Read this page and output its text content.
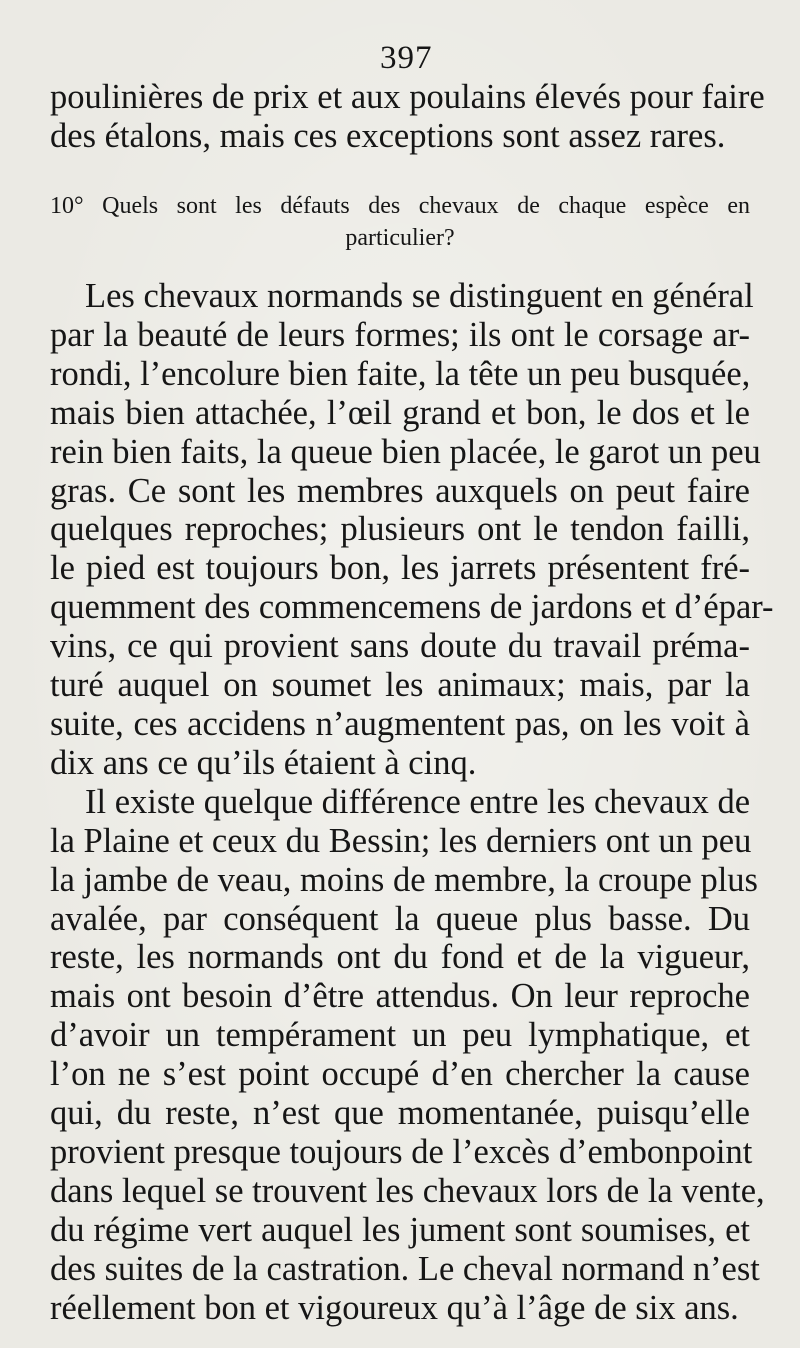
397
poulinières de prix et aux poulains élevés pour faire
des étalons, mais ces exceptions sont assez rares.
10° Quels sont les défauts des chevaux de chaque espèce en
particulier?
Les chevaux normands se distinguent en général
par la beauté de leurs formes; ils ont le corsage ar-
rondi, l’encolure bien faite, la tête un peu busquée,
mais bien attachée, l’œil grand et bon, le dos et le
rein bien faits, la queue bien placée, le garot un peu
gras. Ce sont les membres auxquels on peut faire
quelques reproches; plusieurs ont le tendon failli,
le pied est toujours bon, les jarrets présentent fré-
quemment des commencemens de jardons et d’épar-
vins, ce qui provient sans doute du travail préma-
turé auquel on soumet les animaux; mais, par la
suite, ces accidens n’augmentent pas, on les voit à
dix ans ce qu’ils étaient à cinq.
Il existe quelque différence entre les chevaux de
la Plaine et ceux du Bessin; les derniers ont un peu
la jambe de veau, moins de membre, la croupe plus
avalée, par conséquent la queue plus basse. Du
reste, les normands ont du fond et de la vigueur,
mais ont besoin d’être attendus. On leur reproche
d’avoir un tempérament un peu lymphatique, et
l’on ne s’est point occupé d’en chercher la cause
qui, du reste, n’est que momentanée, puisqu’elle
provient presque toujours de l’excès d’embonpoint
dans lequel se trouvent les chevaux lors de la vente,
du régime vert auquel les jument sont soumises, et
des suites de la castration. Le cheval normand n’est
réellement bon et vigoureux qu’à l’âge de six ans.
